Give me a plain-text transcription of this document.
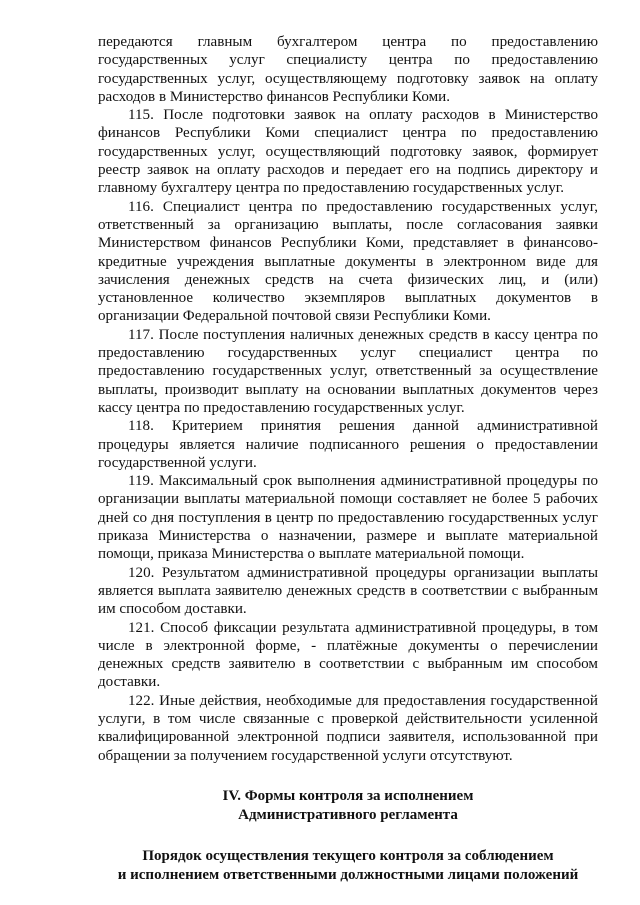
передаются главным бухгалтером центра по предоставлению государственных услуг специалисту центра по предоставлению государственных услуг, осуществляющему подготовку заявок на оплату расходов в Министерство финансов Республики Коми.

115. После подготовки заявок на оплату расходов в Министерство финансов Республики Коми специалист центра по предоставлению государственных услуг, осуществляющий подготовку заявок, формирует реестр заявок на оплату расходов и передает его на подпись директору и главному бухгалтеру центра по предоставлению государственных услуг.

116. Специалист центра по предоставлению государственных услуг, ответственный за организацию выплаты, после согласования заявки Министерством финансов Республики Коми, представляет в финансово-кредитные учреждения выплатные документы в электронном виде для зачисления денежных средств на счета физических лиц, и (или) установленное количество экземпляров выплатных документов в организации Федеральной почтовой связи Республики Коми.

117. После поступления наличных денежных средств в кассу центра по предоставлению государственных услуг специалист центра по предоставлению государственных услуг, ответственный за осуществление выплаты, производит выплату на основании выплатных документов через кассу центра по предоставлению государственных услуг.

118. Критерием принятия решения данной административной процедуры является наличие подписанного решения о предоставлении государственной услуги.

119. Максимальный срок выполнения административной процедуры по организации выплаты материальной помощи составляет не более 5 рабочих дней со дня поступления в центр по предоставлению государственных услуг приказа Министерства о назначении, размере и выплате материальной помощи, приказа Министерства о выплате материальной помощи.

120. Результатом административной процедуры организации выплаты является выплата заявителю денежных средств в соответствии с выбранным им способом доставки.

121. Способ фиксации результата административной процедуры, в том числе в электронной форме, - платёжные документы о перечислении денежных средств заявителю в соответствии с выбранным им способом доставки.

122. Иные действия, необходимые для предоставления государственной услуги, в том числе связанные с проверкой действительности усиленной квалифицированной электронной подписи заявителя, использованной при обращении за получением государственной услуги отсутствуют.

IV. Формы контроля за исполнением

Административного регламента

Порядок осуществления текущего контроля за соблюдением

и исполнением ответственными должностными лицами положений
